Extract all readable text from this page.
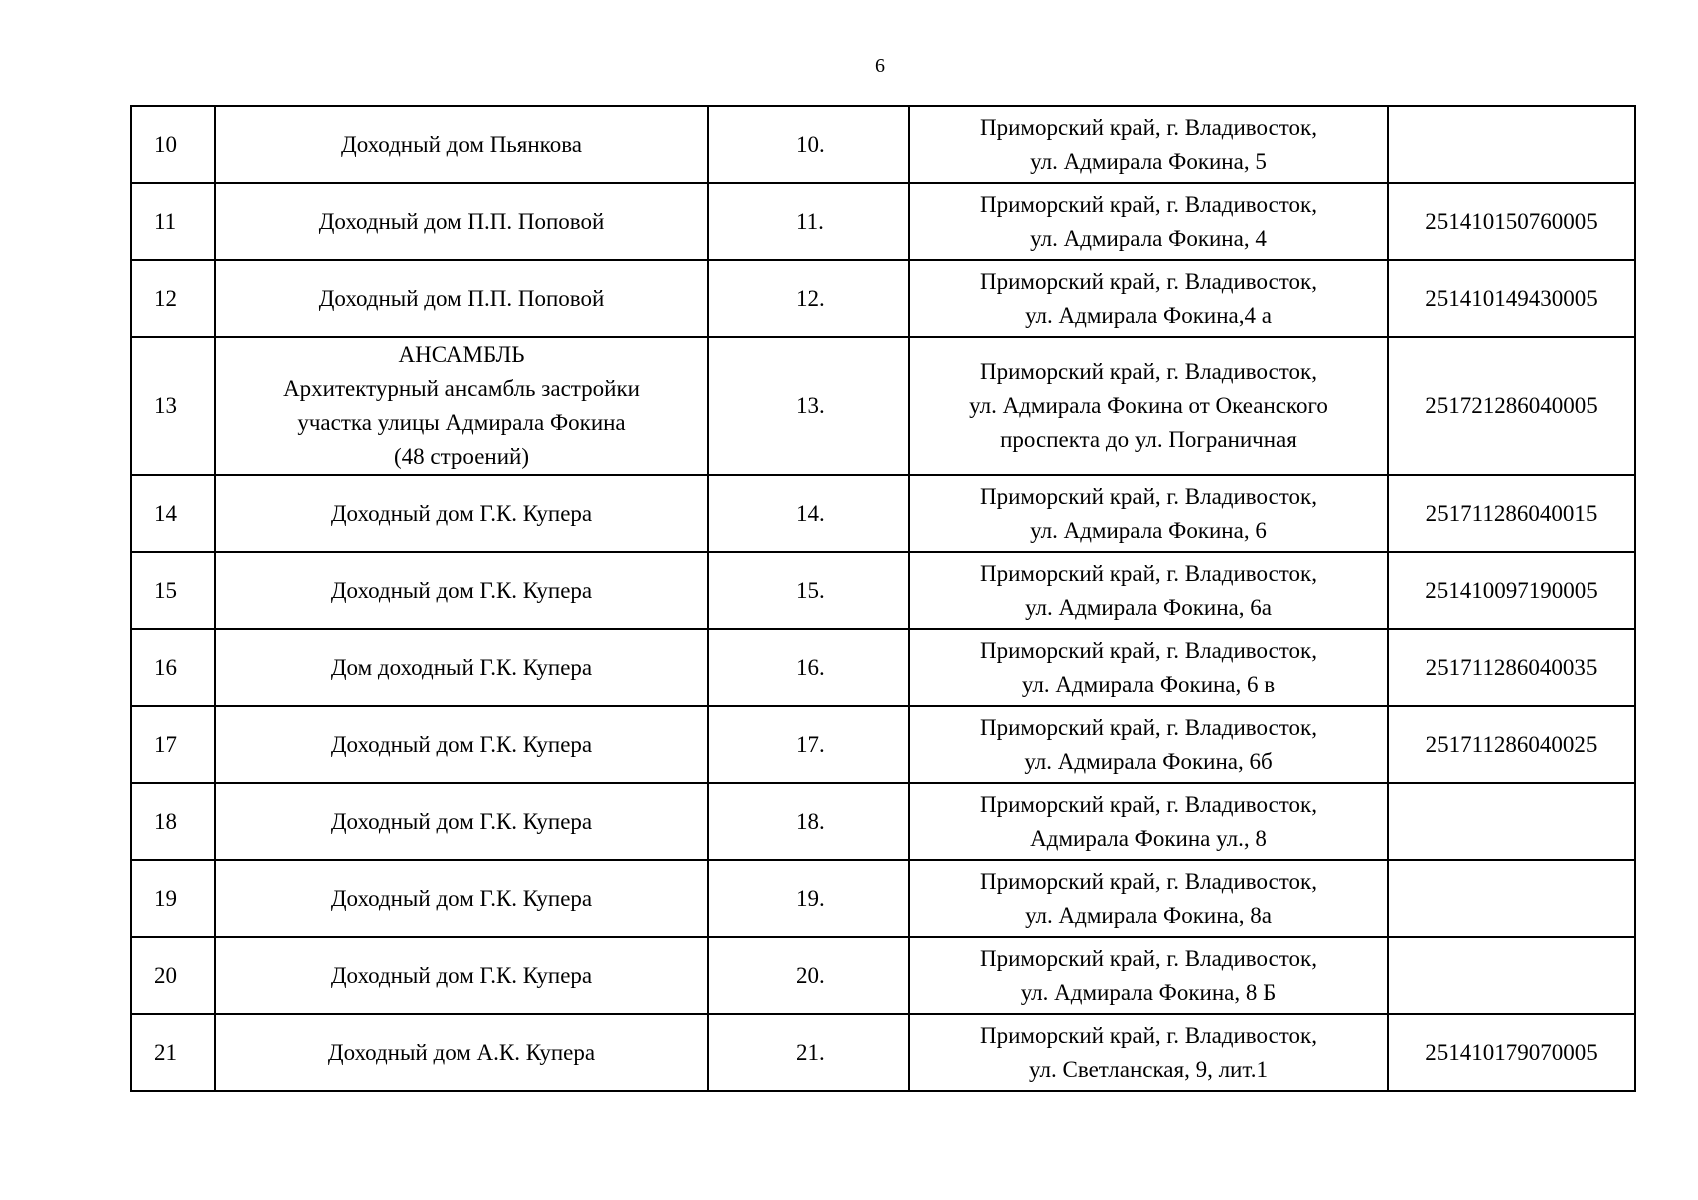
6
10	Доходный дом Пьянкова	10.	Приморский край, г. Владивосток,
ул. Адмирала Фокина, 5	

11	Доходный дом П.П. Поповой	11.	Приморский край, г. Владивосток,
ул. Адмирала Фокина, 4	251410150760005
12	Доходный дом П.П. Поповой	12.	Приморский край, г. Владивосток,
ул. Адмирала Фокина,4 а	251410149430005
13	АНСАМБЛЬ
Архитектурный ансамбль застройки
участка улицы Адмирала Фокина
(48 строений)	13.	Приморский край, г. Владивосток,
ул. Адмирала Фокина от Океанского
проспекта до ул. Пограничная	251721286040005
14	Доходный дом Г.К. Купера	14.	Приморский край, г. Владивосток,
ул. Адмирала Фокина, 6	251711286040015
15	Доходный дом Г.К. Купера	15.	Приморский край, г. Владивосток,
ул. Адмирала Фокина, 6а	251410097190005
16	Дом доходный Г.К. Купера	16.	Приморский край, г. Владивосток,
ул. Адмирала Фокина, 6 в	251711286040035
17	Доходный дом Г.К. Купера	17.	Приморский край, г. Владивосток,
ул. Адмирала Фокина, 6б	251711286040025
18	Доходный дом Г.К. Купера	18.	Приморский край, г. Владивосток,
Адмирала Фокина ул., 8	

19	Доходный дом Г.К. Купера	19.	Приморский край, г. Владивосток,
ул. Адмирала Фокина, 8а	

20	Доходный дом Г.К. Купера	20.	Приморский край, г. Владивосток,
ул. Адмирала Фокина, 8 Б	

21	Доходный дом А.К. Купера	21.	Приморский край, г. Владивосток,
ул. Светланская, 9, лит.1	251410179070005
